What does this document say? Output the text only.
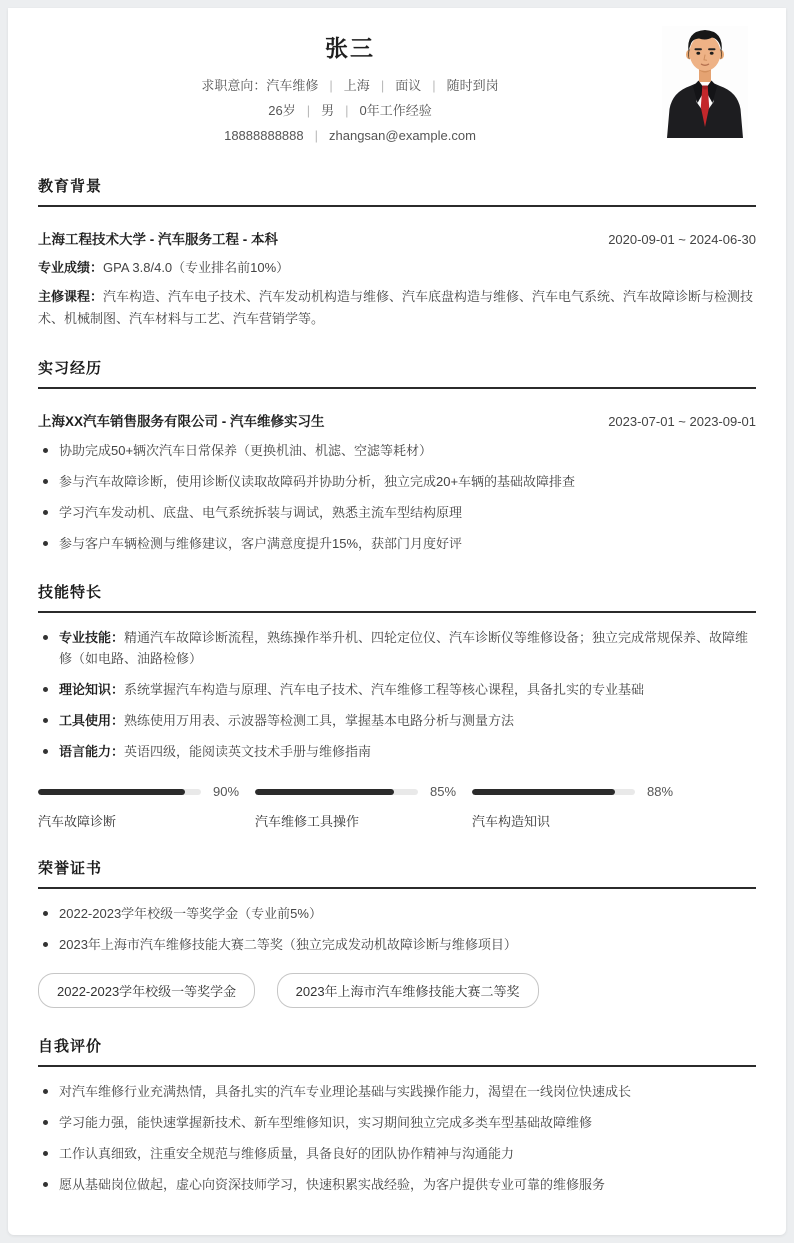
张三
求职意向：汽车维修 | 上海 | 面议 | 随时到岗
26岁 | 男 | 0年工作经验
18888888888 | zhangsan@example.com
教育背景
上海工程技术大学 - 汽车服务工程 - 本科	2020-09-01 ~ 2024-06-30
专业成绩：GPA 3.8/4.0（专业排名前10%）
主修课程：汽车构造、汽车电子技术、汽车发动机构造与维修、汽车底盘构造与维修、汽车电气系统、汽车故障诊断与检测技术、机械制图、汽车材料与工艺、汽车营销学等。
实习经历
上海XX汽车销售服务有限公司 - 汽车维修实习生	2023-07-01 ~ 2023-09-01
协助完成50+辆次汽车日常保养（更换机油、机滤、空滤等耗材）
参与汽车故障诊断，使用诊断仪读取故障码并协助分析，独立完成20+车辆的基础故障排查
学习汽车发动机、底盘、电气系统拆装与调试，熟悉主流车型结构原理
参与客户车辆检测与维修建议，客户满意度提升15%，获部门月度好评
技能特长
专业技能：精通汽车故障诊断流程，熟练操作举升机、四轮定位仪、汽车诊断仪等维修设备；独立完成常规保养、故障维修（如电路、油路检修）
理论知识：系统掌握汽车构造与原理、汽车电子技术、汽车维修工程等核心课程，具备扎实的专业基础
工具使用：熟练使用万用表、示波器等检测工具，掌握基本电路分析与测量方法
语言能力：英语四级，能阅读英文技术手册与维修指南
90%
汽车故障诊断
85%
汽车维修工具操作
88%
汽车构造知识
荣誉证书
2022-2023学年校级一等奖学金（专业前5%）
2023年上海市汽车维修技能大赛二等奖（独立完成发动机故障诊断与维修项目）
2022-2023学年校级一等奖学金	2023年上海市汽车维修技能大赛二等奖
自我评价
对汽车维修行业充满热情，具备扎实的汽车专业理论基础与实践操作能力，渴望在一线岗位快速成长
学习能力强，能快速掌握新技术、新车型维修知识，实习期间独立完成多类车型基础故障维修
工作认真细致，注重安全规范与维修质量，具备良好的团队协作精神与沟通能力
愿从基础岗位做起，虚心向资深技师学习，快速积累实战经验，为客户提供专业可靠的维修服务
